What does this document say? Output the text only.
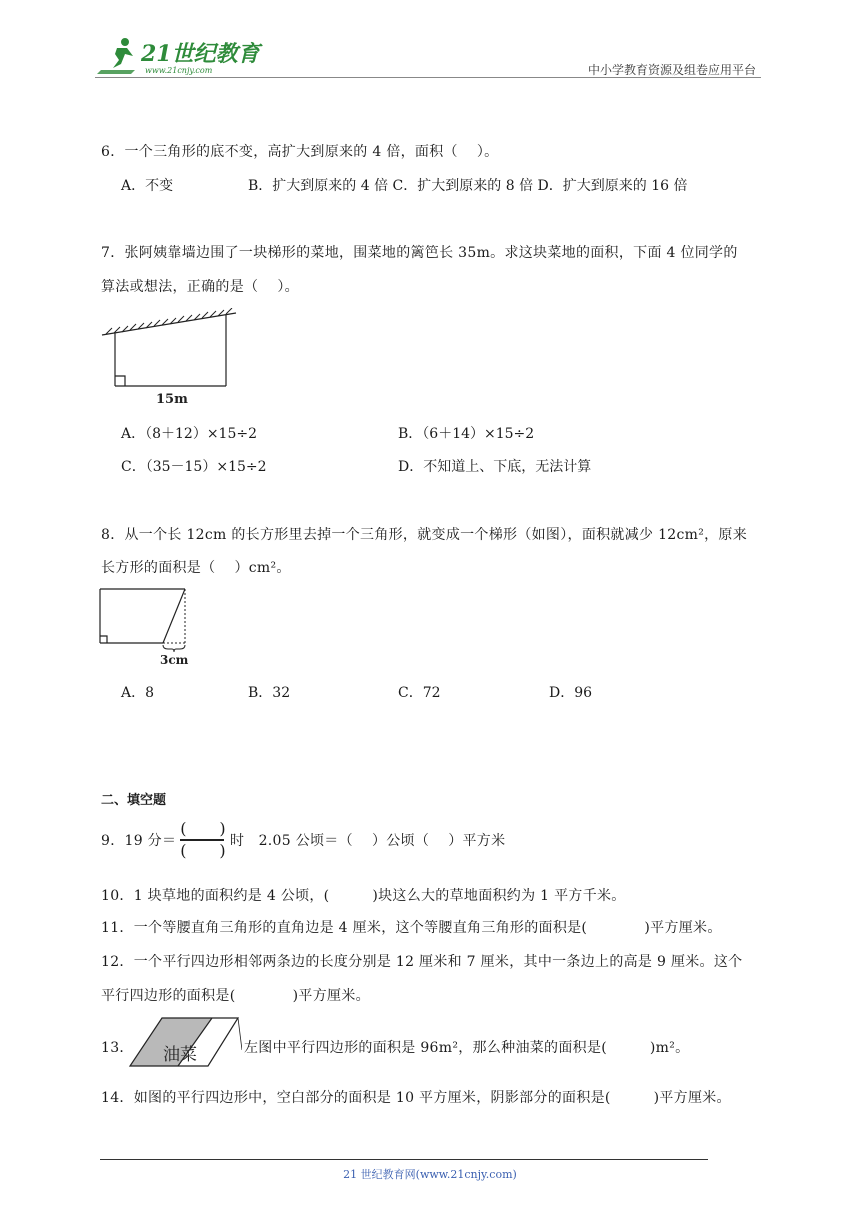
21世纪教育
www.21cnjy.com	中小学教育资源及组卷应用平台
6．一个三角形的底不变，高扩大到原来的 4 倍，面积（　 ）。
A．不变	B．扩大到原来的 4 倍 C．扩大到原来的 8 倍 D．扩大到原来的 16 倍
7．张阿姨靠墙边围了一块梯形的菜地，围菜地的篱笆长 35m。求这块菜地的面积，下面 4 位同学的
算法或想法，正确的是（　 ）。
15m
A．（8＋12）×15÷2	B．（6＋14）×15÷2
C．（35－15）×15÷2	D．不知道上、下底，无法计算
8．从一个长 12cm 的长方形里去掉一个三角形，就变成一个梯形（如图），面积就减少 12cm²，原来
长方形的面积是（　 ）cm²。
3cm
A．8	B．32	C．72	D．96
二、填空题
9．19 分＝ $\frac{( )}{( )}$ 时　2.05 公顷＝（　 ）公顷（　 ）平方米
10．1 块草地的面积约是 4 公顷，(　　　)块这么大的草地面积约为 1 平方千米。
11．一个等腰直角三角形的直角边是 4 厘米，这个等腰直角三角形的面积是(　　　　)平方厘米。
12．一个平行四边形相邻两条边的长度分别是 12 厘米和 7 厘米，其中一条边上的高是 9 厘米。这个
平行四边形的面积是(　　　　)平方厘米。
13． 油菜	左图中平行四边形的面积是 96m²，那么种油菜的面积是(　　　)m²。
14．如图的平行四边形中，空白部分的面积是 10 平方厘米，阴影部分的面积是(　　　)平方厘米。
21 世纪教育网(www.21cnjy.com)
